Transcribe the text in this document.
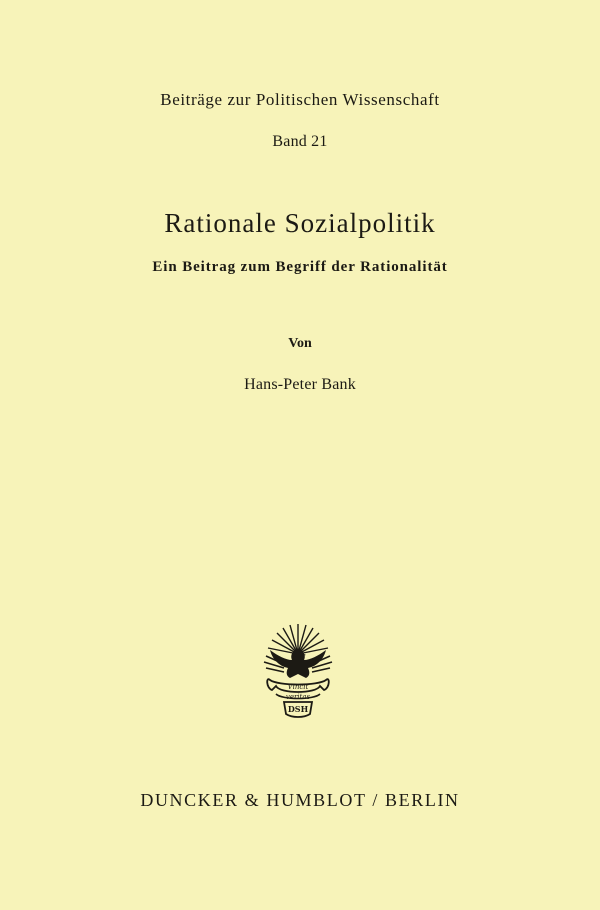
Beiträge zur Politischen Wissenschaft
Band 21
Rationale Sozialpolitik
Ein Beitrag zum Begriff der Rationalität
Von
Hans-Peter Bank
Vincit
veritas
DSH
DUNCKER & HUMBLOT / BERLIN
